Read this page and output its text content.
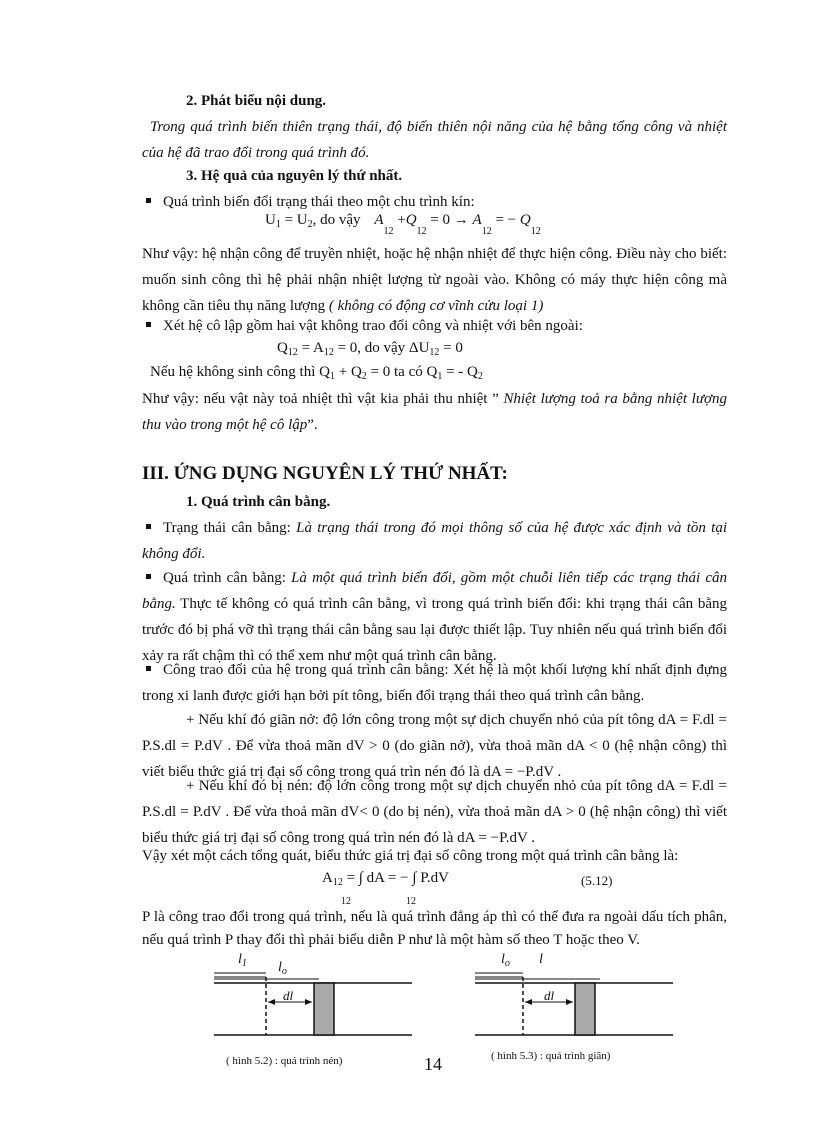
2. Phát biểu nội dung.
Trong quá trình biến thiên trạng thái, độ biến thiên nội năng của hệ bằng tổng công và nhiệt của hệ đã trao đổi trong quá trình đó.
3. Hệ quả của nguyên lý thứ nhất.
Quá trình biến đổi trạng thái theo một chu trình kín:
$U_1 = U_2$, do vậy $A_{12} +Q_{12} = 0 \to A_{12}$ = − $Q_{12}$
Như vậy: hệ nhận công để truyền nhiệt, hoặc hệ nhận nhiệt để thực hiện công. Điều này cho biết: muốn sinh công thì hệ phải nhận nhiệt lượng từ ngoài vào. Không có máy thực hiện công mà không cần tiêu thụ năng lượng ( không có động cơ vĩnh cửu loại 1)
Xét hệ cô lập gồm hai vật không trao đổi công và nhiệt với bên ngoài:
$Q_{12} = A_{12} = 0$, do vậy $\Delta U_{12} = 0$
Nếu hệ không sinh công thì $Q_1 + Q_2 = 0$ ta có $Q_1$ = - $Q_2$
Như vậy: nếu vật này toả nhiệt thì vật kia phải thu nhiệt ” Nhiệt lượng toả ra bằng nhiệt lượng thu vào trong một hệ cô lập”.
III. ỨNG DỤNG NGUYÊN LÝ THỨ NHẤT:
1. Quá trình cân bằng.
Trạng thái cân bằng: Là trạng thái trong đó mọi thông số của hệ được xác định và tồn tại không đổi.
Quá trình cân bằng: Là một quá trình biến đổi, gồm một chuỗi liên tiếp các trạng thái cân bằng. Thực tế không có quá trình cân bằng, vì trong quá trình biến đổi: khi trạng thái cân bằng trước đó bị phá vỡ thì trạng thái cân bằng sau lại được thiết lập. Tuy nhiên nếu quá trình biến đổi xảy ra rất chậm thì có thể xem như một quá trình cân bằng.
Công trao đổi của hệ trong quá trình cân bằng: Xét hệ là một khối lượng khí nhất định đựng trong xi lanh được giới hạn bởi pít tông, biến đổi trạng thái theo quá trình cân bằng.
+ Nếu khí đó giãn nở: độ lớn công trong một sự dịch chuyển nhỏ của pít tông dA = F.dl = P.S.dl = P.dV . Để vừa thoả mãn dV > 0 (do giãn nở), vừa thoả mãn dA < 0 (hệ nhận công) thì viết biểu thức giá trị đại số công trong quá trìn nén đó là dA = −P.dV .
+ Nếu khí đó bị nén: độ lớn công trong một sự dịch chuyển nhỏ của pít tông dA = F.dl = P.S.dl = P.dV . Để vừa thoả mãn dV< 0 (do bị nén), vừa thoả mãn dA > 0 (hệ nhận công) thì viết biểu thức giá trị đại số công trong quá trìn nén đó là dA = −P.dV .
Vậy xét một cách tổng quát, biểu thức giá trị đại số công trong một quá trình cân bằng là:
$A_{12}$ = ∫ dA = − ∫ P.dV
12	12
(5.12)
P là công trao đổi trong quá trình, nếu là quá trình đẳng áp thì có thể đưa ra ngoài dấu tích phân, nếu quá trình P thay đổi thì phải biểu diễn P như là một hàm số theo T hoặc theo V.
$l_1$ $l_o$
dl
( hình 5.2) : quá trình nén)
$l_o$ l
dl
( hình 5.3) : quá trình giãn)
14
